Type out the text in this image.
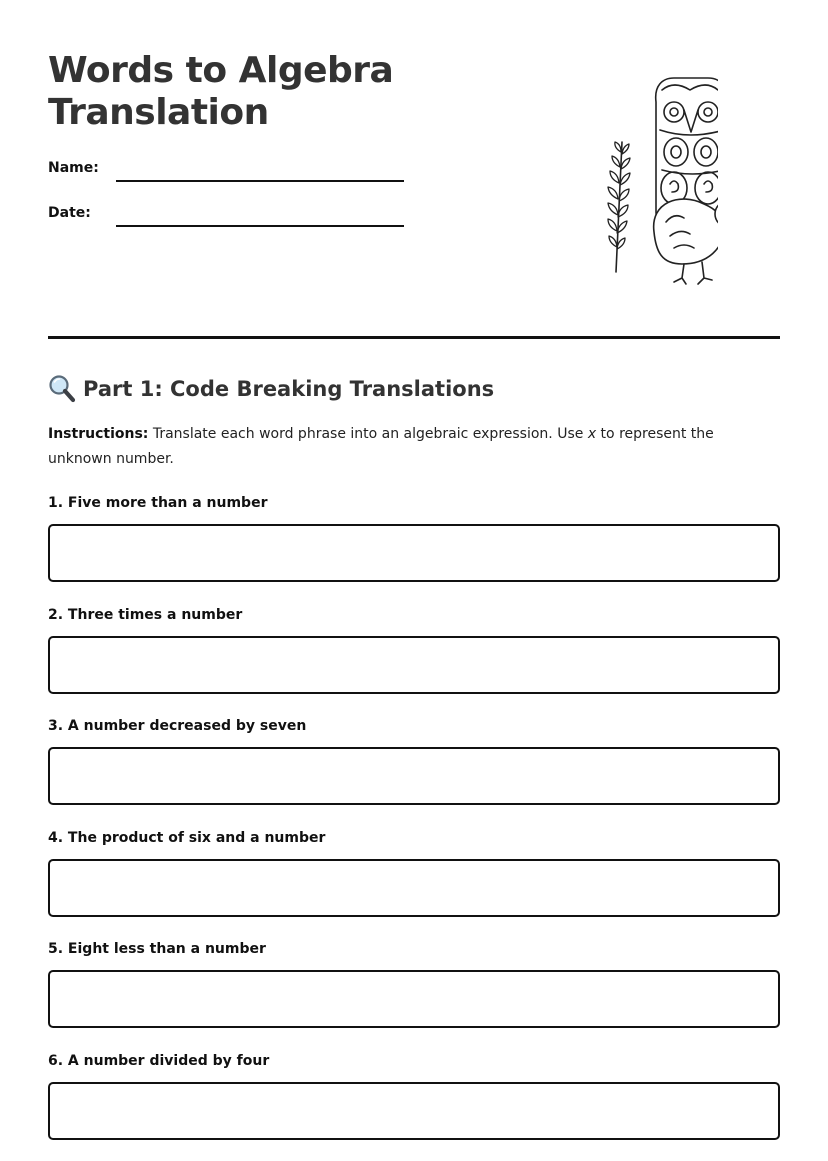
Words to Algebra Translation
Name:
Date:
Part 1: Code Breaking Translations

Instructions: Translate each word phrase into an algebraic expression. Use x to represent the unknown number.

1. Five more than a number
2. Three times a number
3. A number decreased by seven
4. The product of six and a number
5. Eight less than a number
6. A number divided by four
